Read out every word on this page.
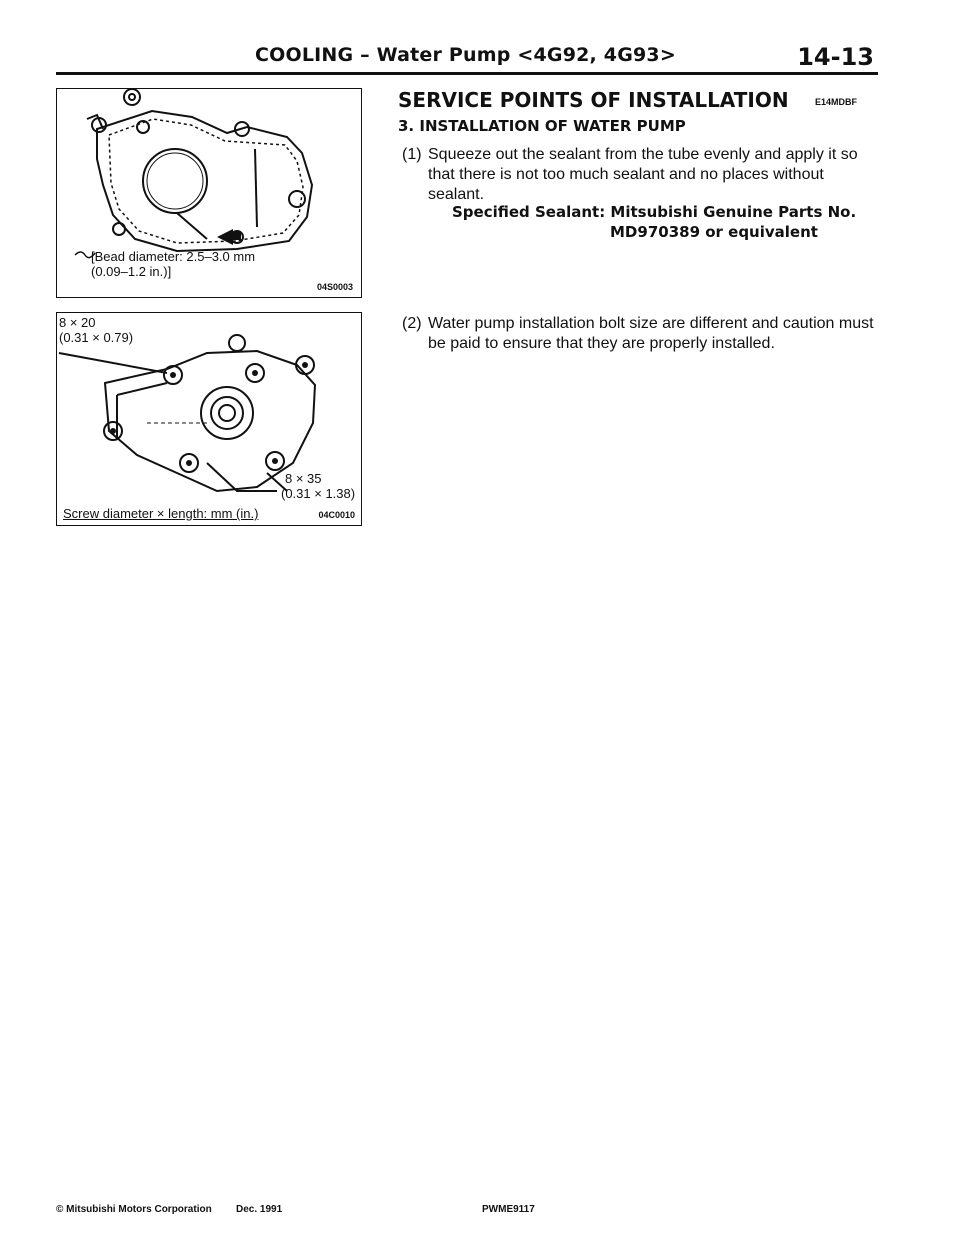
COOLING – Water Pump <4G92, 4G93>	14-13
[Bead diameter: 2.5–3.0 mm
(0.09–1.2 in.)]
04S0003
8 × 20
(0.31 × 0.79)
8 × 35
(0.31 × 1.38)
Screw diameter × length: mm (in.)	04C0010
SERVICE POINTS OF INSTALLATION	E14MDBF
3. INSTALLATION OF WATER PUMP
(1) Squeeze out the sealant from the tube evenly and apply it so that there is not too much sealant and no places without sealant.
Specified Sealant: Mitsubishi Genuine Parts No.
MD970389 or equivalent
(2) Water pump installation bolt size are different and caution must be paid to ensure that they are properly installed.
© Mitsubishi Motors Corporation Dec. 1991	PWME9117
